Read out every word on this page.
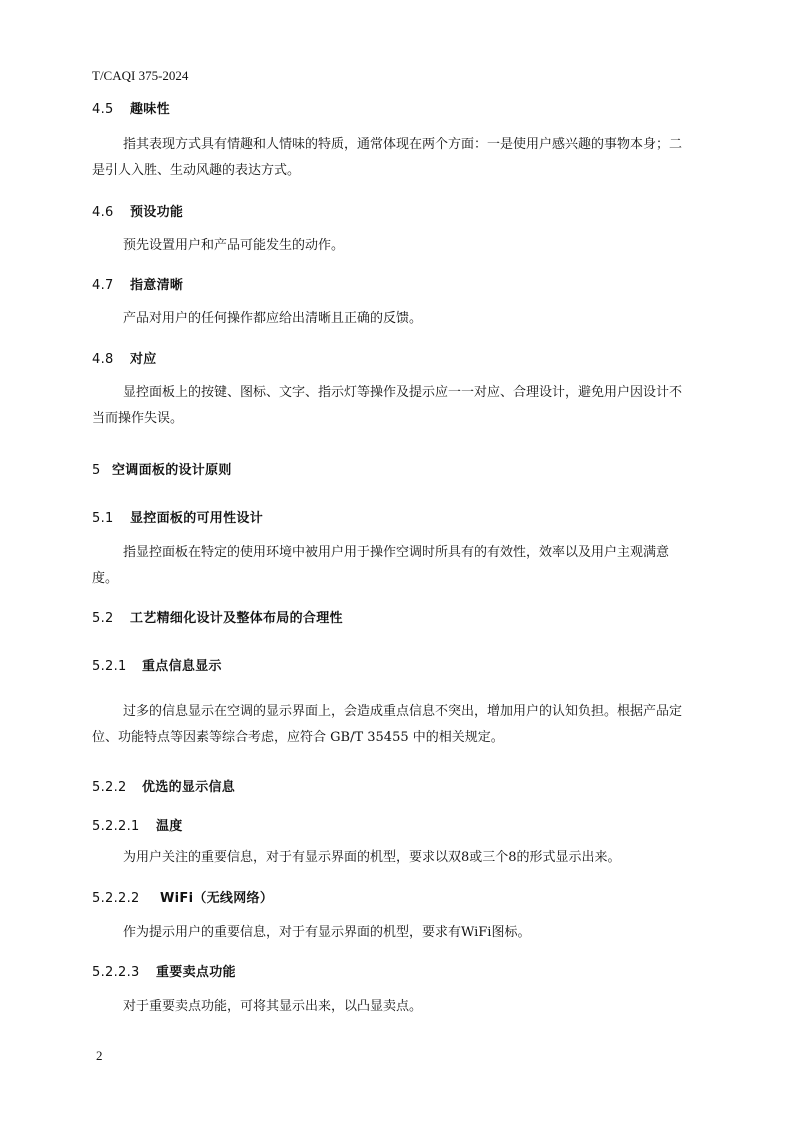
T/CAQI 375-2024
4.5 趣味性
指其表现方式具有情趣和人情味的特质，通常体现在两个方面：一是使用户感兴趣的事物本身；二
是引人入胜、生动风趣的表达方式。
4.6 预设功能
预先设置用户和产品可能发生的动作。
4.7 指意清晰
产品对用户的任何操作都应给出清晰且正确的反馈。
4.8 对应
显控面板上的按键、图标、文字、指示灯等操作及提示应一一对应、合理设计，避免用户因设计不
当而操作失误。
5 空调面板的设计原则
5.1 显控面板的可用性设计
指显控面板在特定的使用环境中被用户用于操作空调时所具有的有效性，效率以及用户主观满意
度。
5.2 工艺精细化设计及整体布局的合理性
5.2.1 重点信息显示
过多的信息显示在空调的显示界面上，会造成重点信息不突出，增加用户的认知负担。根据产品定
位、功能特点等因素等综合考虑，应符合 GB/T 35455 中的相关规定。
5.2.2 优选的显示信息
5.2.2.1 温度
为用户关注的重要信息，对于有显示界面的机型，要求以双8或三个8的形式显示出来。
5.2.2.2 WiFi（无线网络）
作为提示用户的重要信息，对于有显示界面的机型，要求有WiFi图标。
5.2.2.3 重要卖点功能
对于重要卖点功能，可将其显示出来，以凸显卖点。
2
